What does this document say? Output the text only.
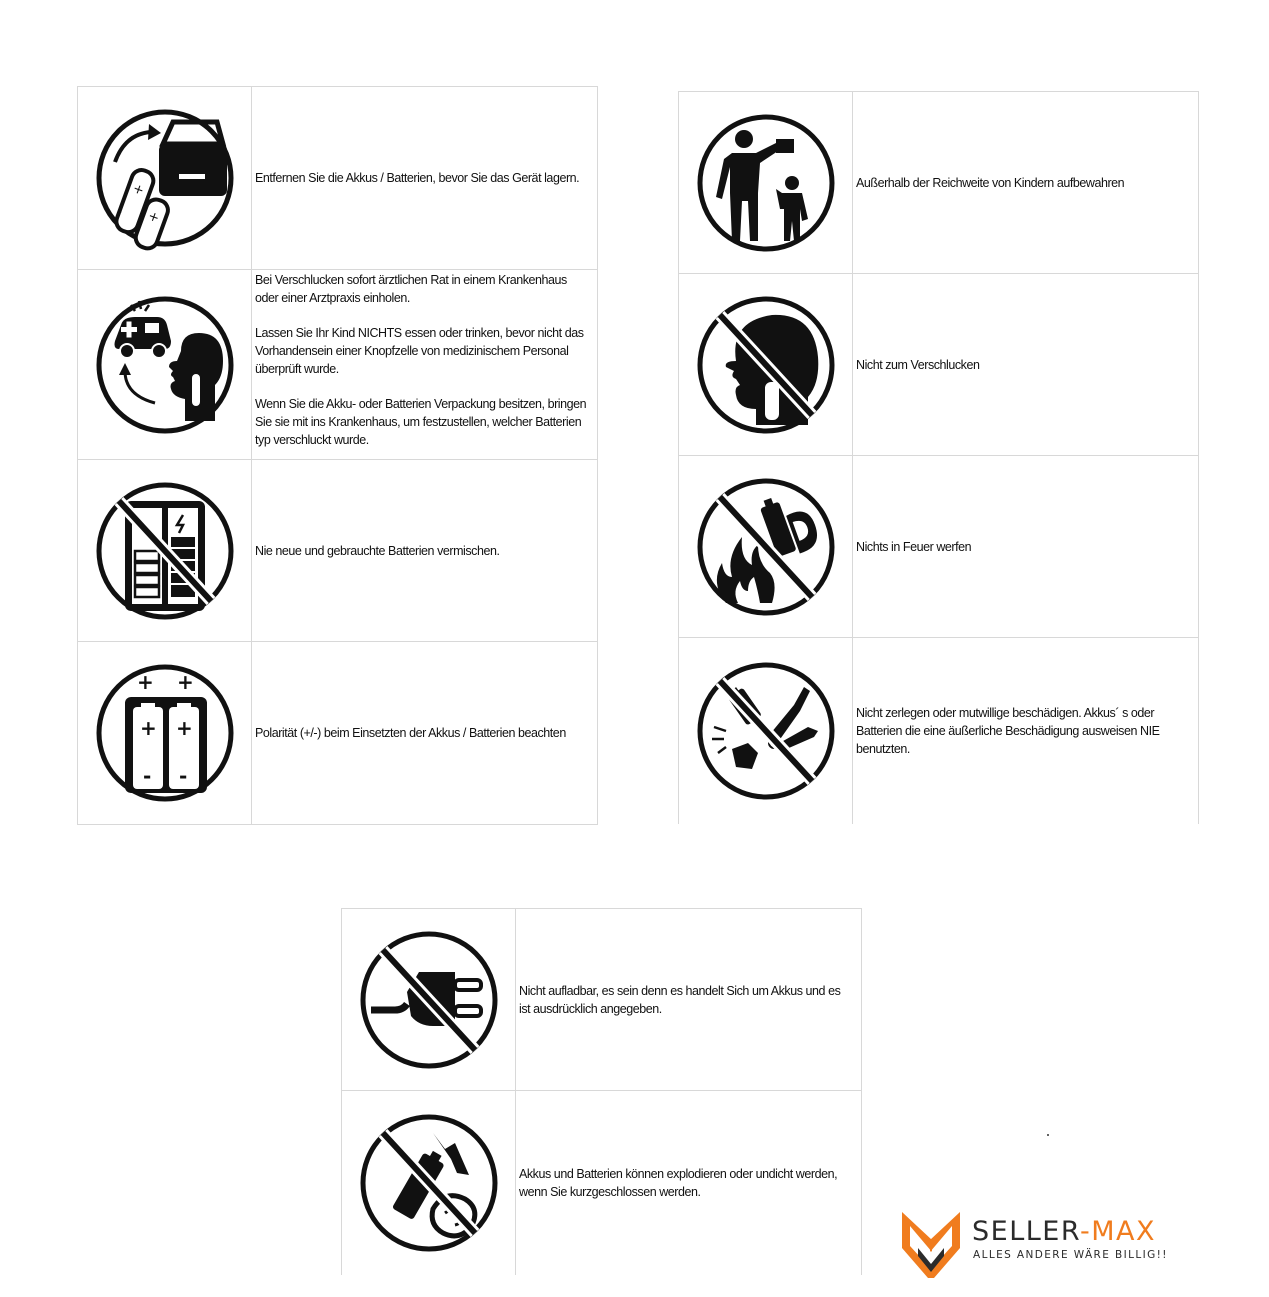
+
+
-

Entfernen Sie die Akkus / Batterien, bevor Sie das Gerät lagern.

Bei Verschlucken sofort ärztlichen Rat in einem Krankenhaus oder einer Arztpraxis einholen.

Lassen Sie Ihr Kind NICHTS essen oder trinken, bevor nicht das Vorhandensein einer Knopfzelle von medizinischem Personal überprüft wurde.

Wenn Sie die Akku- oder Batterien Verpackung besitzen, bringen Sie sie mit ins Krankenhaus, um festzustellen, welcher Batterien typ verschluckt wurde.

Nie neue und gebrauchte Batterien vermischen.

+ +
+ +
- -

Polarität (+/-) beim Einsetzten der Akkus / Batterien beachten

Außerhalb der Reichweite von Kindern aufbewahren

Nicht zum Verschlucken

Nichts in Feuer werfen

Nicht zerlegen oder mutwillige beschädigen. Akkus´ s oder Batterien die eine äußerliche Beschädigung ausweisen NIE benutzten.

Nicht aufladbar, es sein denn es handelt Sich um Akkus und es ist ausdrücklich angegeben.

Akkus und Batterien können explodieren oder undicht werden, wenn Sie kurzgeschlossen werden.

SELLER-MAX
ALLES ANDERE WÄRE BILLIG!!
